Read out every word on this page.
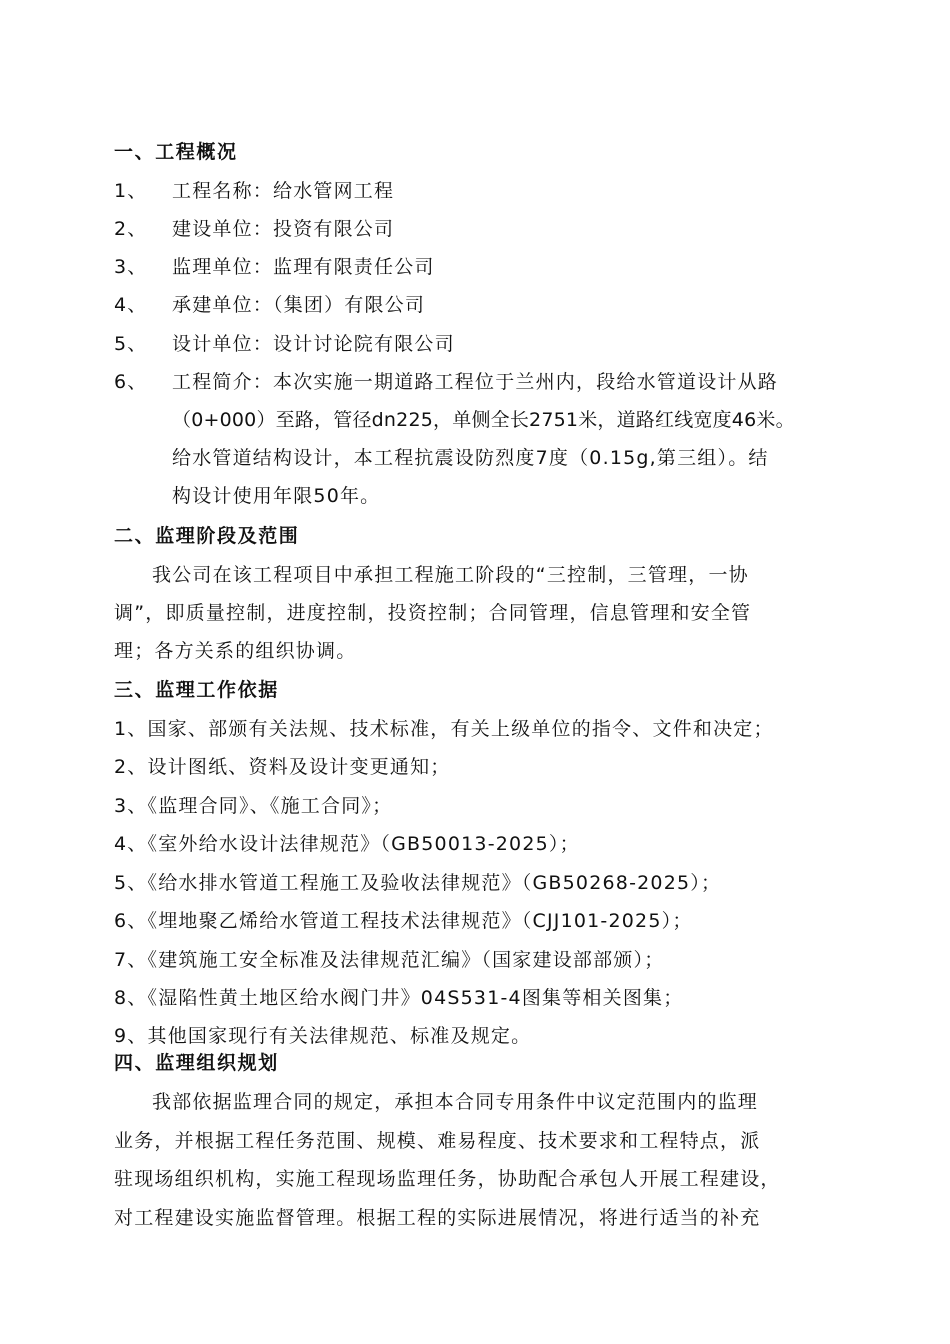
一、工程概况
1、 工程名称：给水管网工程
2、 建设单位：投资有限公司
3、 监理单位：监理有限责任公司
4、 承建单位：（集团）有限公司
5、 设计单位：设计讨论院有限公司
6、 工程简介：本次实施一期道路工程位于兰州内，段给水管道设计从路
（0+000）至路，管径dn225，单侧全长2751米，道路红线宽度46米。
给水管道结构设计，本工程抗震设防烈度7度（0.15g,第三组）。结
构设计使用年限50年。
二、监理阶段及范围
我公司在该工程项目中承担工程施工阶段的“三控制，三管理，一协
调”，即质量控制，进度控制，投资控制；合同管理，信息管理和安全管
理；各方关系的组织协调。
三、监理工作依据
1、国家、部颁有关法规、技术标准，有关上级单位的指令、文件和决定；
2、设计图纸、资料及设计变更通知；
3、《监理合同》、《施工合同》；
4、《室外给水设计法律规范》（GB50013-2025）；
5、《给水排水管道工程施工及验收法律规范》（GB50268-2025）；
6、《埋地聚乙烯给水管道工程技术法律规范》（CJJ101-2025）；
7、《建筑施工安全标准及法律规范汇编》（国家建设部部颁）；
8、《湿陷性黄土地区给水阀门井》04S531-4图集等相关图集；
9、其他国家现行有关法律规范、标准及规定。
四、监理组织规划
我部依据监理合同的规定，承担本合同专用条件中议定范围内的监理
业务，并根据工程任务范围、规模、难易程度、技术要求和工程特点，派
驻现场组织机构，实施工程现场监理任务，协助配合承包人开展工程建设，
对工程建设实施监督管理。根据工程的实际进展情况，将进行适当的补充
